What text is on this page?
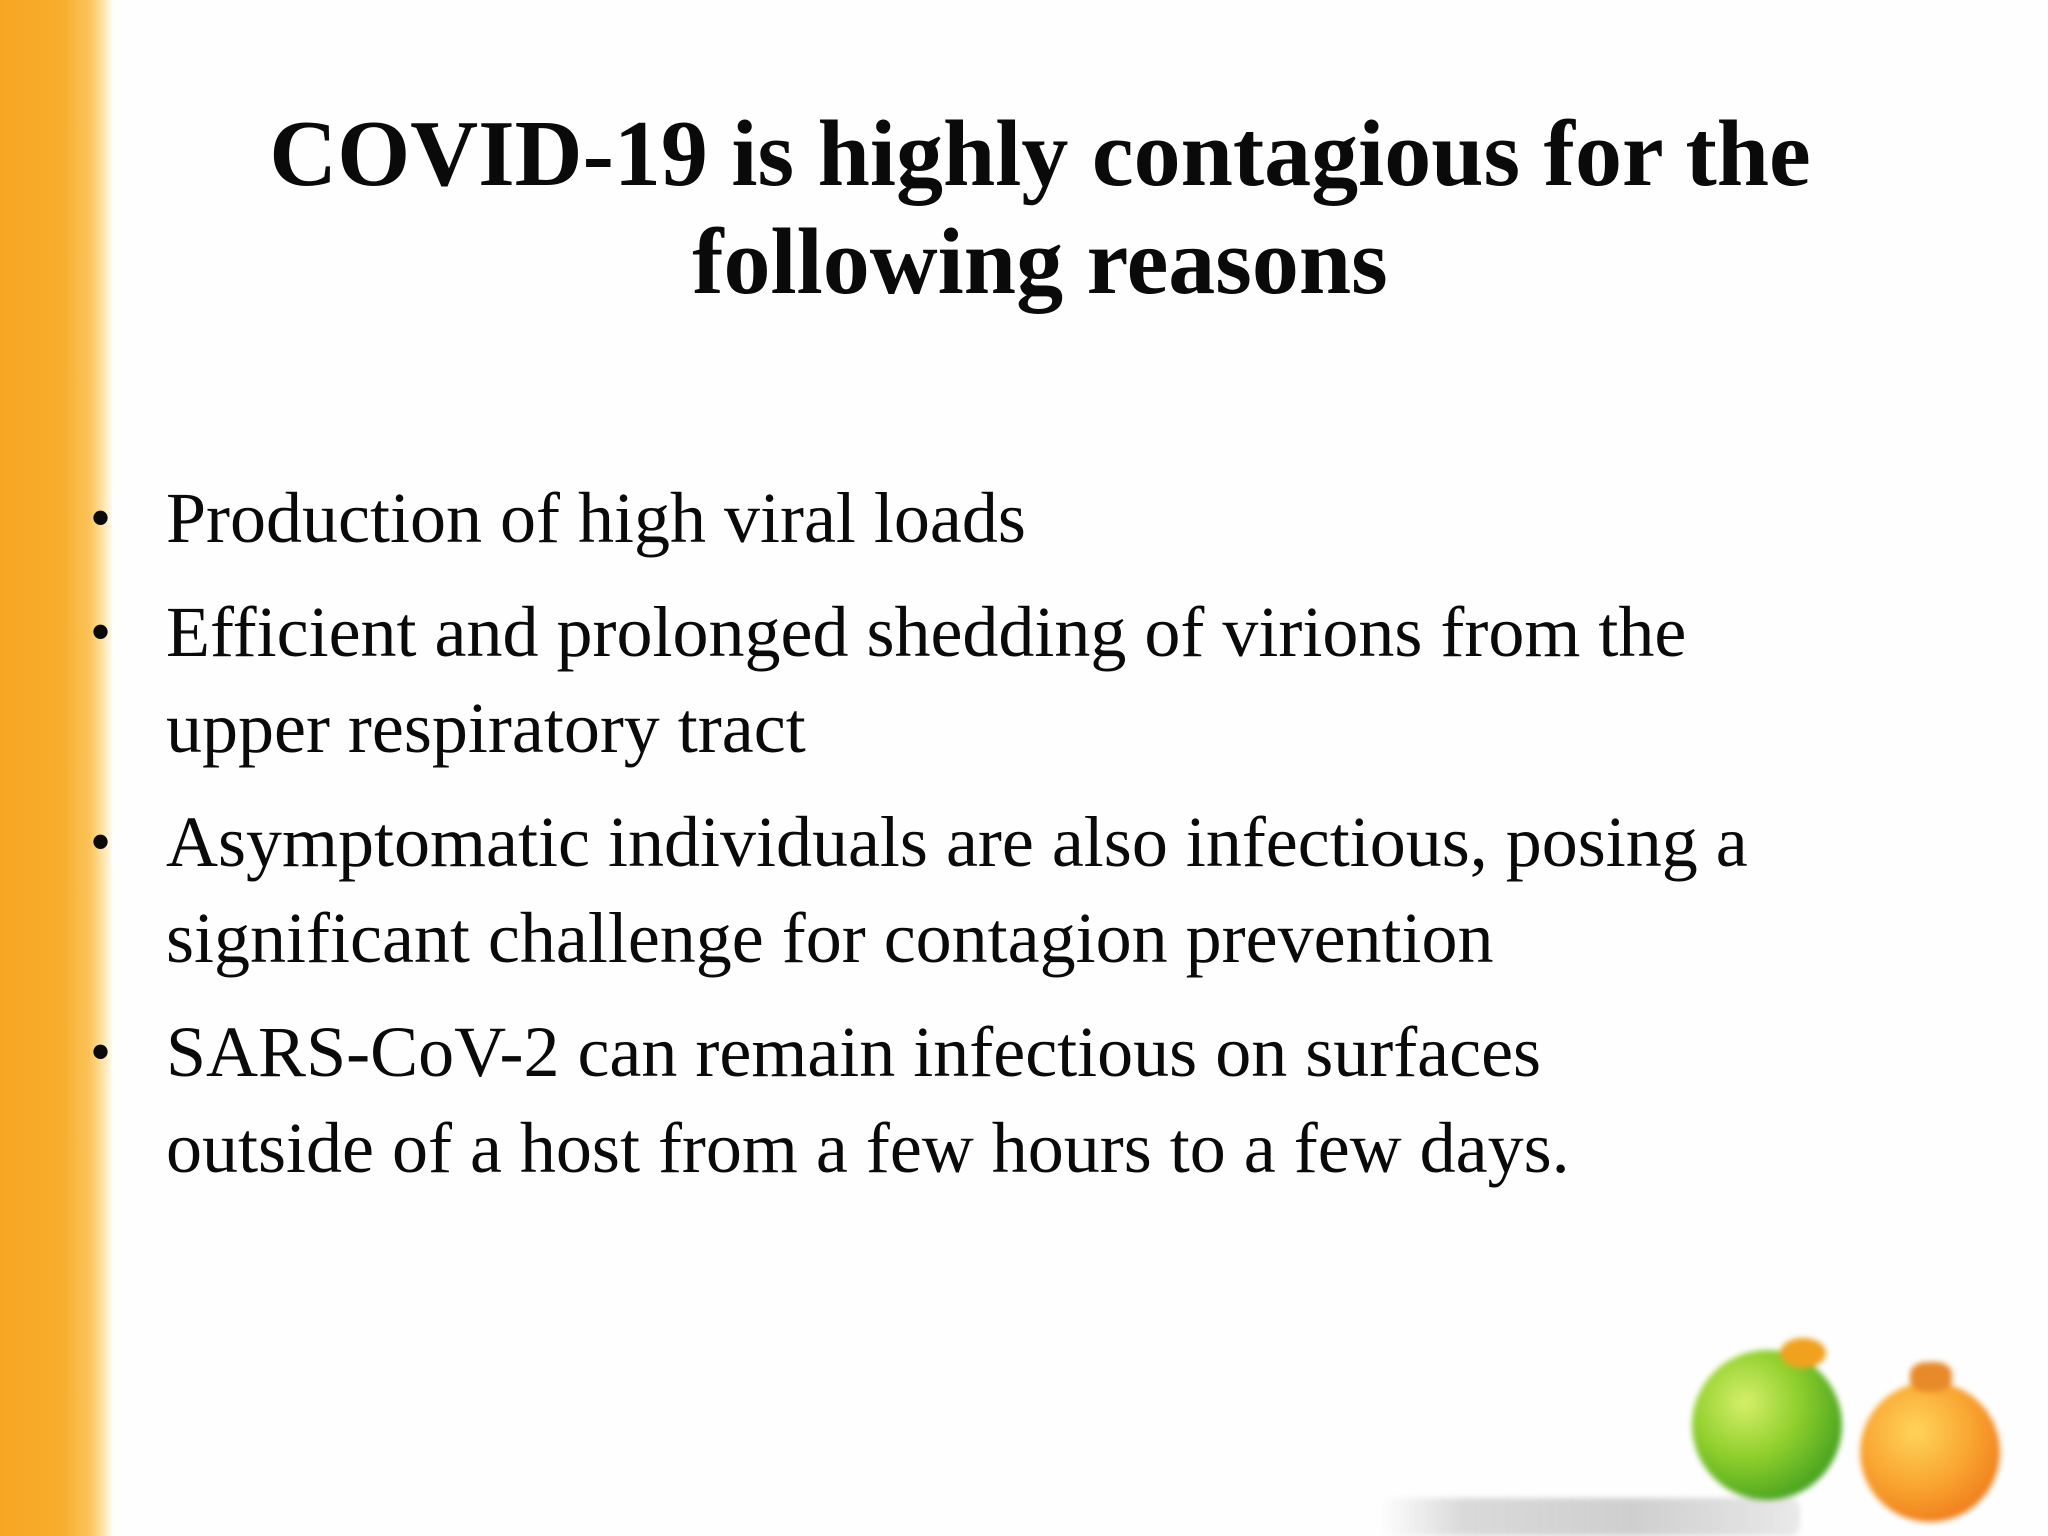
COVID-19 is highly contagious for the
following reasons
• Production of high viral loads
• Efficient and prolonged shedding of virions from the
upper respiratory tract
• Asymptomatic individuals are also infectious, posing a
significant challenge for contagion prevention
• SARS-CoV-2 can remain infectious on surfaces
outside of a host from a few hours to a few days.
